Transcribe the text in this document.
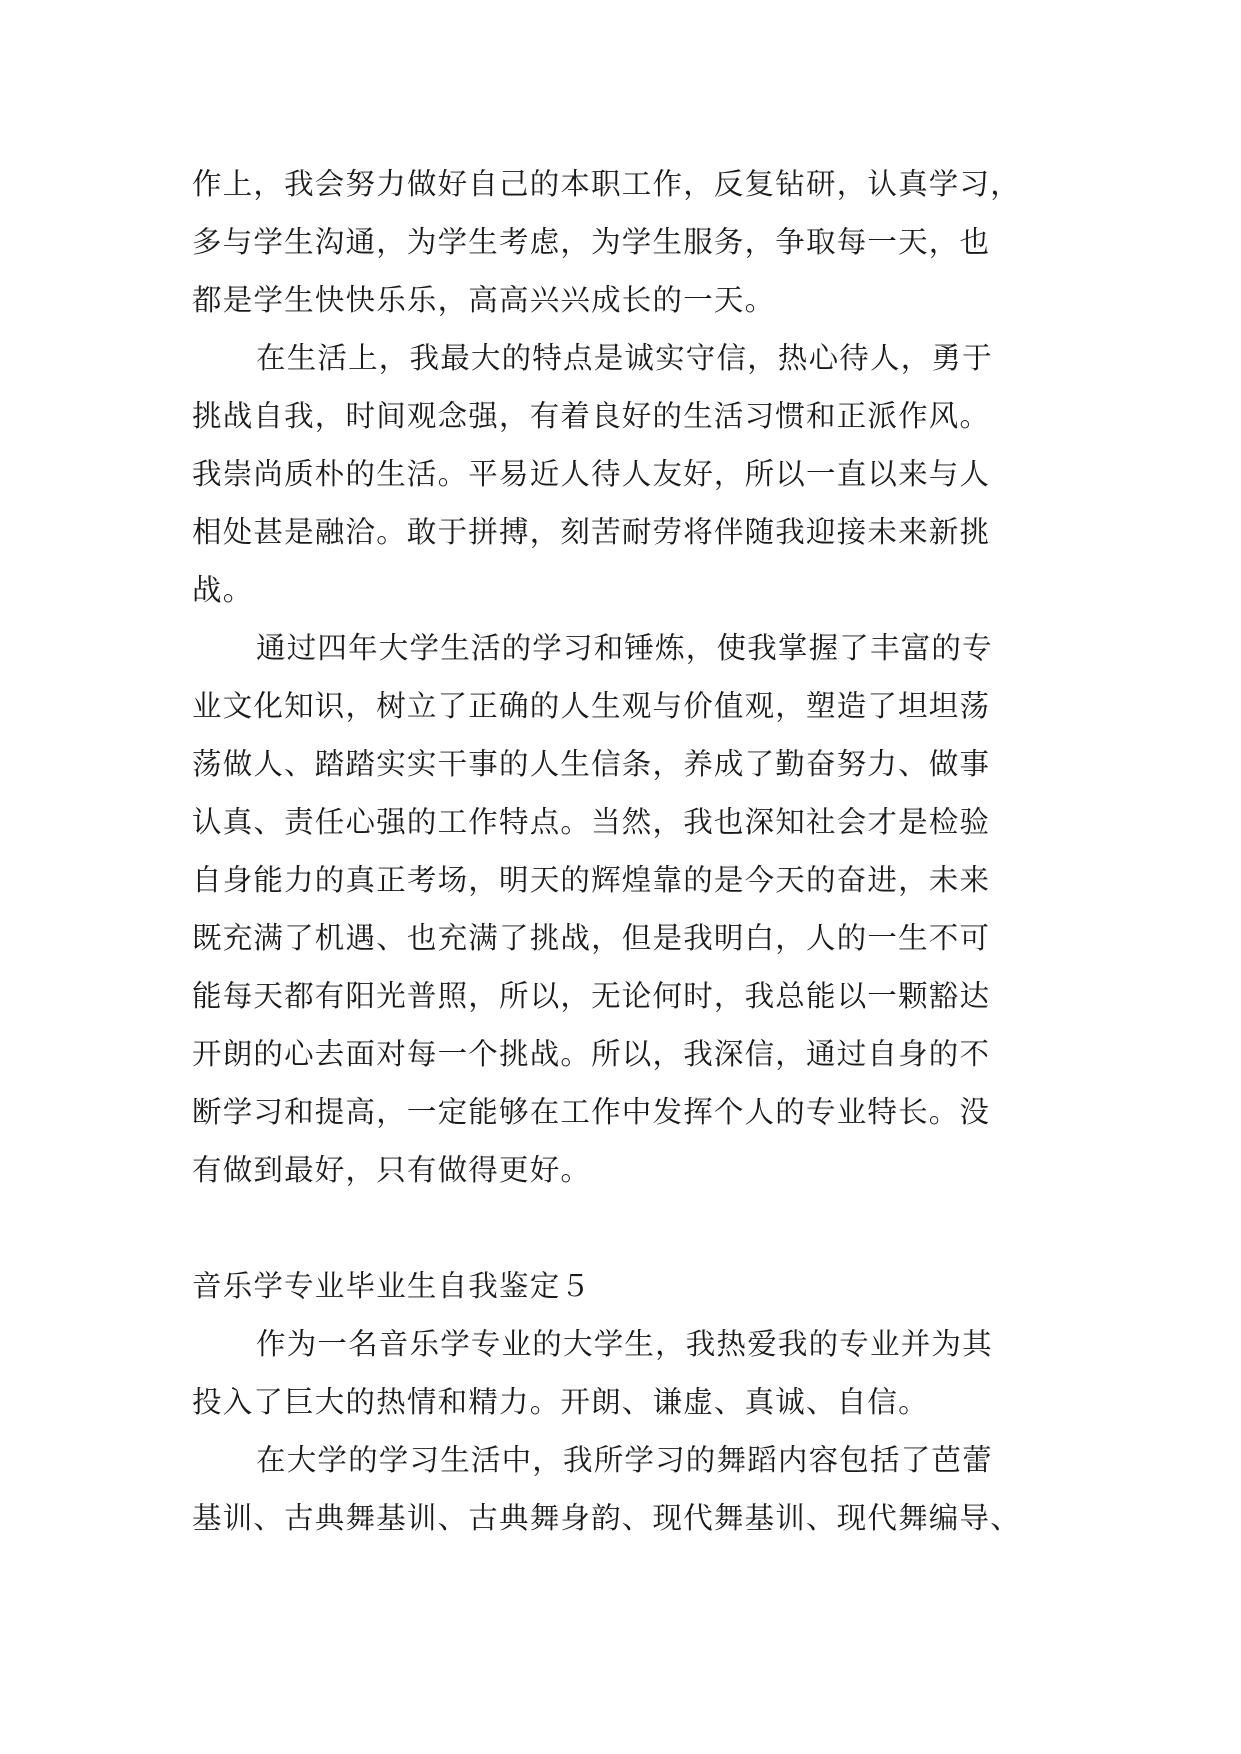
作上，我会努力做好自己的本职工作，反复钻研，认真学习，
多与学生沟通，为学生考虑，为学生服务，争取每一天，也
都是学生快快乐乐，高高兴兴成长的一天。
在生活上，我最大的特点是诚实守信，热心待人，勇于
挑战自我，时间观念强，有着良好的生活习惯和正派作风。
我崇尚质朴的生活。平易近人待人友好，所以一直以来与人
相处甚是融洽。敢于拼搏，刻苦耐劳将伴随我迎接未来新挑
战。
通过四年大学生活的学习和锤炼，使我掌握了丰富的专
业文化知识，树立了正确的人生观与价值观，塑造了坦坦荡
荡做人、踏踏实实干事的人生信条，养成了勤奋努力、做事
认真、责任心强的工作特点。当然，我也深知社会才是检验
自身能力的真正考场，明天的辉煌靠的是今天的奋进，未来
既充满了机遇、也充满了挑战，但是我明白，人的一生不可
能每天都有阳光普照，所以，无论何时，我总能以一颗豁达
开朗的心去面对每一个挑战。所以，我深信，通过自身的不
断学习和提高，一定能够在工作中发挥个人的专业特长。没
有做到最好，只有做得更好。
音乐学专业毕业生自我鉴定５
作为一名音乐学专业的大学生，我热爱我的专业并为其
投入了巨大的热情和精力。开朗、谦虚、真诚、自信。
在大学的学习生活中，我所学习的舞蹈内容包括了芭蕾
基训、古典舞基训、古典舞身韵、现代舞基训、现代舞编导、
